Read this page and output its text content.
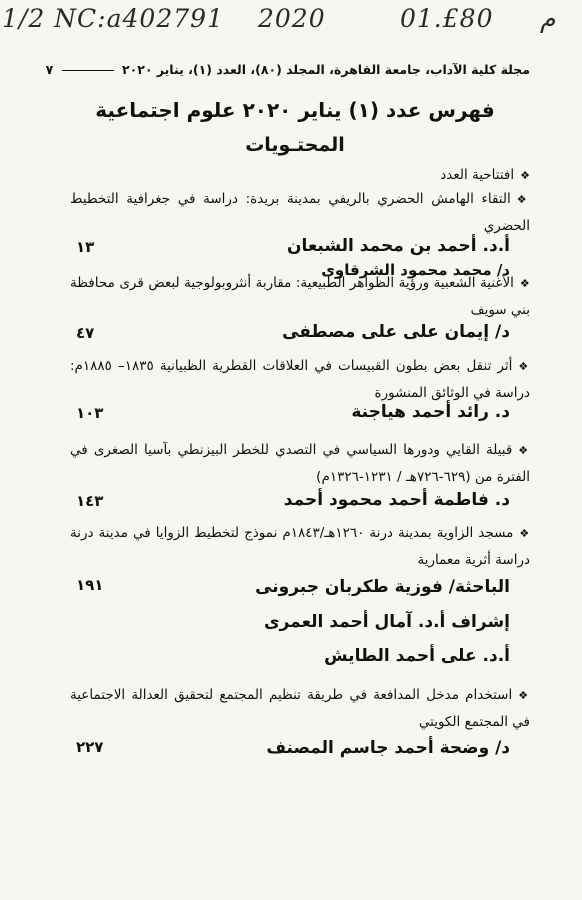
1/2 NC:a402791 2020	01.£80 م
مجلة كلية الآداب، جامعة القاهرة، المجلد (٨٠)، العدد (١)، يناير ٢٠٢٠  ٧
فهرس عدد (١) يناير ٢٠٢٠ علوم اجتماعية
المحتـويات
❖افتتاحية العدد
❖التقاء الهامش الحضري بالريفي بمدينة بريدة: دراسة في جغرافية التخطيط الحضري
أ.د. أحمد بن محمد الشبعان
١٣
د/ محمد محمود الشرقاوى
❖الأغنية الشعبية ورؤية الظواهر الطبيعية: مقاربة أنثروبولوجية لبعض قرى محافظة بني سويف
د/ إيمان على على مصطفى
٤٧
❖أثر تنقل بعض بطون القبيسات في العلاقات القطرية الظبيانية ١٨٣٥– ١٨٨٥م: دراسة في الوثائق المنشورة
د. رائد أحمد هياجنة
١٠٣
❖قبيلة القايي ودورها السياسي في التصدي للخطر البيزنطي بآسيا الصغرى في الفترة من (٦٢٩-٧٢٦هـ / ١٢٣١-١٣٢٦م)
د. فاطمة أحمد محمود أحمد
١٤٣
❖مسجد الزاوية بمدينة درنة ١٢٦٠هـ/١٨٤٣م نموذج لتخطيط الزوايا في مدينة درنة دراسة أثرية معمارية
الباحثة/ فوزية طكربان جبرونى
١٩١
إشراف أ.د. آمال أحمد العمرى
أ.د. على أحمد الطايش
❖استخدام مدخل المدافعة في طريقة تنظيم المجتمع لتحقيق العدالة الاجتماعية في المجتمع الكويتي
د/ وضحة أحمد جاسم المصنف
٢٢٧
